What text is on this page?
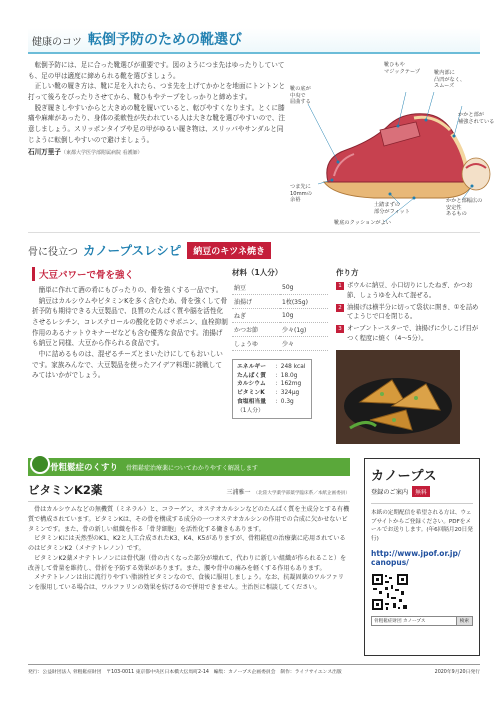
健康のコツ 転倒予防のための靴選び

転倒予防には、足に合った靴選びが重要です。図のようにつま先はゆったりしていても、足の甲は適度に締められる靴を選びましょう。

正しい靴の履き方は、靴に足を入れたら、つま先を上げてかかとを地面にトントンと打って後ろをぴったりさせてから、靴ひもやテープをしっかりと締めます。

脱ぎ履きしやすいからと大きめの靴を履いていると、転びやすくなります。とくに膝痛や麻痺があったり、身体の柔軟性が失われている人は大きな靴を選びやすいので、注意しましょう。スリッポンタイプや足の甲がゆるい履き物は、スリッパやサンダルと同じように転倒しやすいので避けましょう。

石川万里子（東都大学医学部附属病院 看護師）
靴の底が
中央で
屈曲する
靴ひもや
マジックテープ	靴内部に
凸凹がなく、
スムーズ
かかと部が
補強されている
つま先に
10mmの
余裕
土踏まずの
部分がフィット
かかと部幅広の
安定性
あるもの
靴底のクッションがよい
骨に役立つ カノープスレシピ	納豆のキツネ焼き
大豆パワーで骨を強く

簡単に作れて酒の肴にもぴったりの、骨を強くする一品です。

納豆はカルシウムやビタミンKを多く含むため、骨を強くして骨折予防も期待できる大豆製品で、良質のたんぱく質や脳を活性化させるレシチン、コレステロールの酸化を防ぐサポニン、血栓抑制作用のあるナットウキナーゼなども含む優秀な食品です。油揚げも納豆と同様、大豆から作られる食品です。

中に詰めるものは、混ぜるチーズとまいたけにしてもおいしいです。家族みんなで、大豆製品を使ったアイデア料理に挑戦してみてはいかがでしょう。

材料（1人分）
納豆	50g
油揚げ	1枚(35g)
ねぎ	10g
かつお節	少々(1g)
しょうゆ	少々
エネルギー	：248 kcal
たんぱく質	：18.0g
カルシウム	：162mg
ビタミンK	：324μg
食塩相当量	：0.3g
（1人分）
作り方
1 ボウルに納豆、小口切りにしたねぎ、かつお節、しょうゆを入れて混ぜる。
2 油揚げは横半分に切って袋状に開き、①を詰めてようじで口を閉じる。
3 オーブントースターで、油揚げに少しこげ目がつく程度に焼く（4〜5分）。
骨粗鬆症のくすり 骨粗鬆症治療薬についてわかりやすく解説します
ビタミンK2薬	三浦雅一 （北陸大学薬学部薬学臨床系／本紙企画委員）

骨はカルシウムなどの無機質（ミネラル）と、コラーゲン、オステオカルシンなどのたんぱく質を主成分とする有機質で構成されています。ビタミンKは、その骨を構成する成分の一つオステオカルシンの作用での合成に欠かせないビタミンです。また、骨の新しい組織を作る「骨芽細胞」を活性化する働きもあります。

ビタミンKには天然型のK1、K2と人工合成されたK3、K4、K5がありますが、骨粗鬆症の治療薬に応用されているのはビタミンK2（メナテトレノン）です。

ビタミンK2薬メナテトレノンには骨代謝（骨の古くなった部分が壊れて、代わりに新しい組織が作られること）を改善して骨量を維持し、骨折を予防する効果があります。また、腰や背中の痛みを軽くする作用もあります。

メナテトレノンは出に流行りやすい脂溶性ビタミンなので、食後に服用しましょう。なお、抗凝固薬のワルファリンを服用している場合は、ワルファリンの効果を妨げるので併用できません。主治医に相談してください。

カノープス
登録のご案内	無料
本紙の定期配信を希望される方は、ウェブサイトからご登録ください。PDFをメールでお送りします。(年6回隔月20日発行)
http://www.jpof.or.jp/
canopus/
骨粗鬆症財団 カノープス	検索
発行：公益財団法人 骨粗鬆症財団　〒103-0011 東京都中央区日本橋大伝馬町2-14　編集：カノープス企画委員会　制作：ライフサイエンス出版	2020年9月20日発行
